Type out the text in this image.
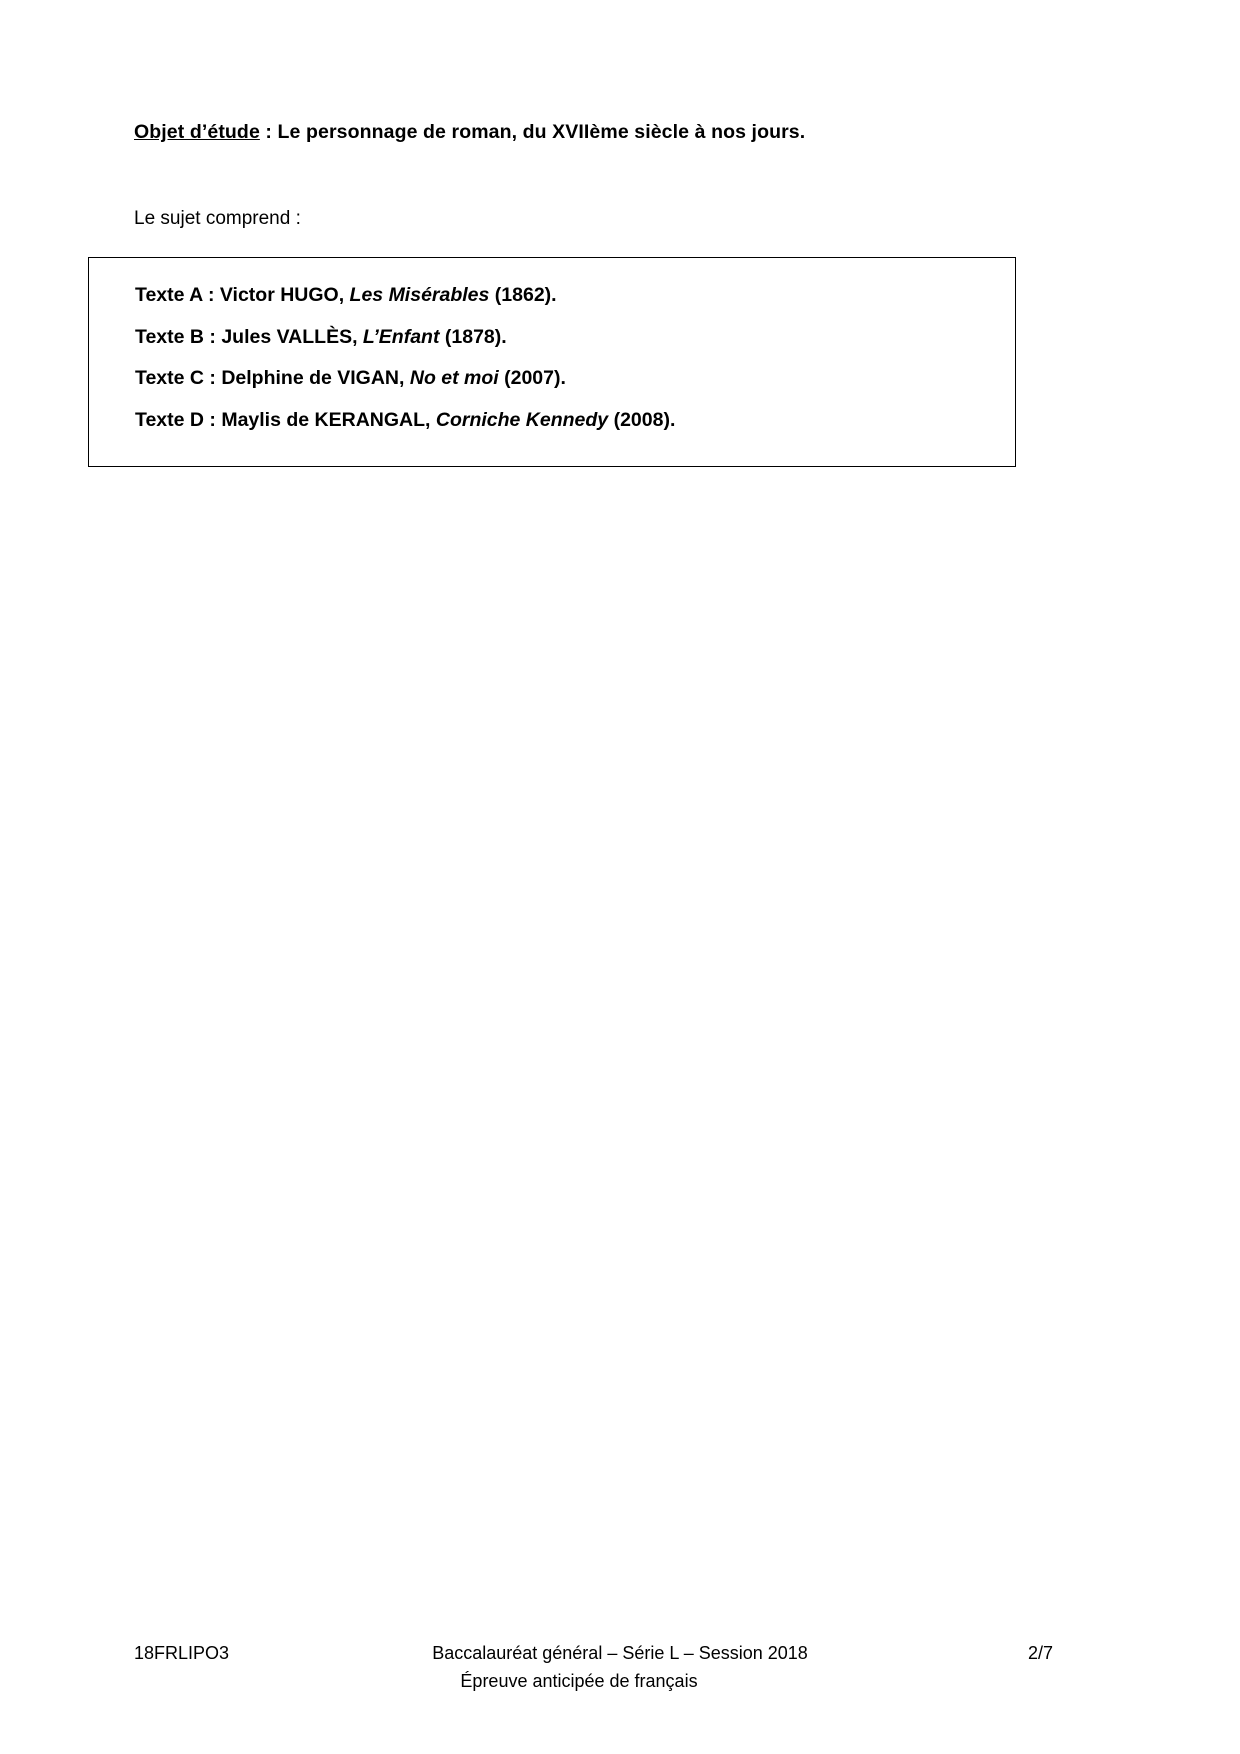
Objet d’étude : Le personnage de roman, du XVIIème siècle à nos jours.

Le sujet comprend :

Texte A : Victor HUGO, Les Misérables (1862).
Texte B : Jules VALLÈS, L’Enfant (1878).
Texte C : Delphine de VIGAN, No et moi (2007).
Texte D : Maylis de KERANGAL, Corniche Kennedy (2008).
18FRLIPO3	Baccalauréat général – Série L – Session 2018	2/7
Épreuve anticipée de français
